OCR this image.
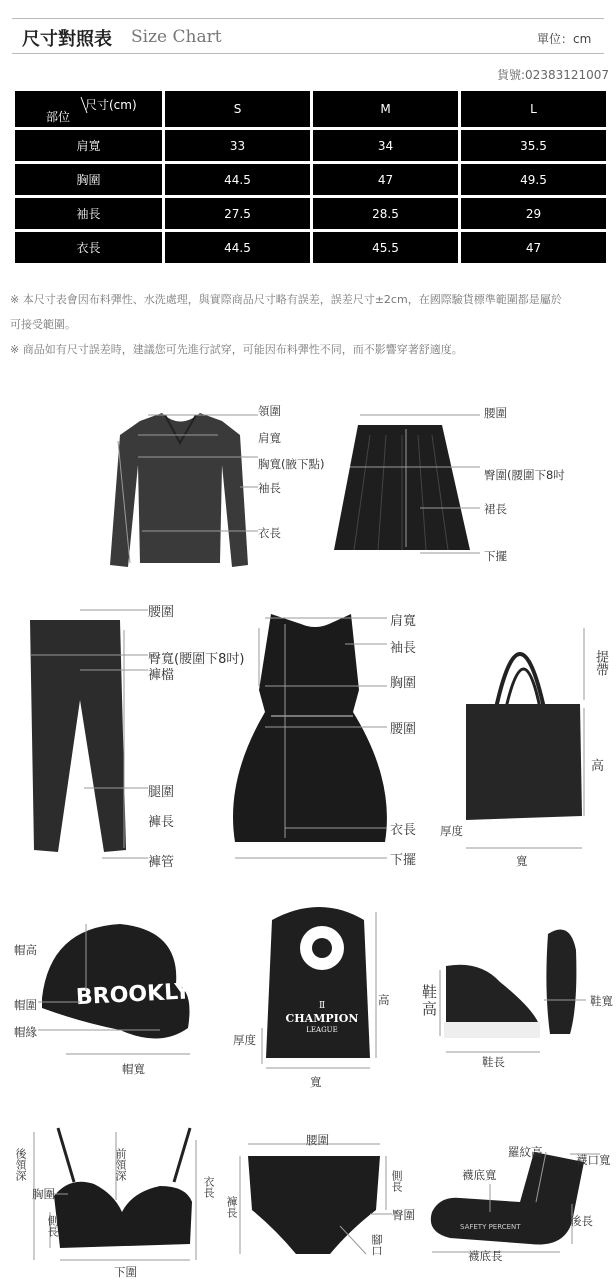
尺寸對照表 Size Chart	單位：cm
貨號:02383121007
部位
尺寸(cm)	S	M	L
肩寬	33	34	35.5
胸圍	44.5	47	49.5
袖長	27.5	28.5	29
衣長	44.5	45.5	47
※ 本尺寸表會因布料彈性、水洗處理，與實際商品尺寸略有誤差，誤差尺寸±2cm，在國際驗貨標準範圍都是屬於
可接受範圍。
※ 商品如有尺寸誤差時，建議您可先進行試穿，可能因布料彈性不同，而不影響穿著舒適度。
領圍
肩寬
胸寬(腋下點)
袖長
衣長
腰圍
臀圍(腰圍下8吋
裙長
下擺
腰圍
臀寬(腰圍下8吋)
褲檔
腿圍
褲長
褲管
肩寬
袖長
胸圍
腰圍
衣長
下擺
提帶
高
厚度
寬
BROOKLYN
帽高
帽圍
帽緣
帽寬
Ⅱ
CHAMPION
LEAGUE
高
厚度
寬
鞋高	鞋寬
鞋長
後領深	前領深
胸圍	衣長
側長
下圍
腰圍
側長
臀圍
褲長
腳口
SAFETY PERCENT
羅紋高
襪口寬
襪底寬
後長
襪底長
